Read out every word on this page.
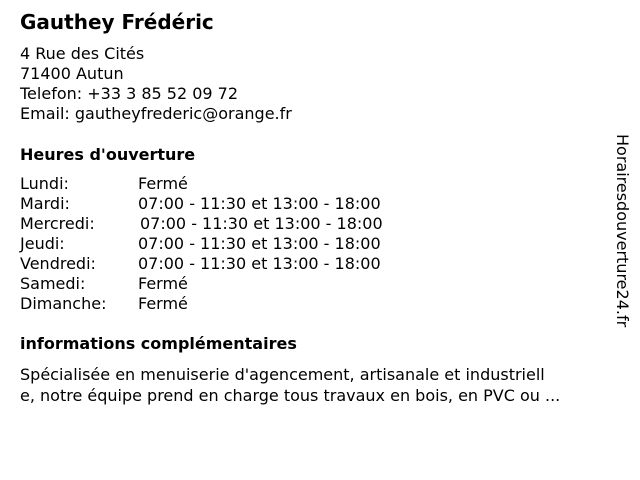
Gauthey Frédéric
4 Rue des Cités
71400 Autun
Telefon: +33 3 85 52 09 72
Email: gautheyfrederic@orange.fr
Heures d'ouverture
Lundi:	Fermé
Mardi:	07:00 - 11:30 et 13:00 - 18:00
Mercredi:	07:00 - 11:30 et 13:00 - 18:00
Jeudi:	07:00 - 11:30 et 13:00 - 18:00
Vendredi:	07:00 - 11:30 et 13:00 - 18:00
Samedi:	Fermé
Dimanche: Fermé
informations complémentaires
Spécialisée en menuiserie d'agencement, artisanale et industriell
e, notre équipe prend en charge tous travaux en bois, en PVC ou ...
Horairesdouverture24.fr
